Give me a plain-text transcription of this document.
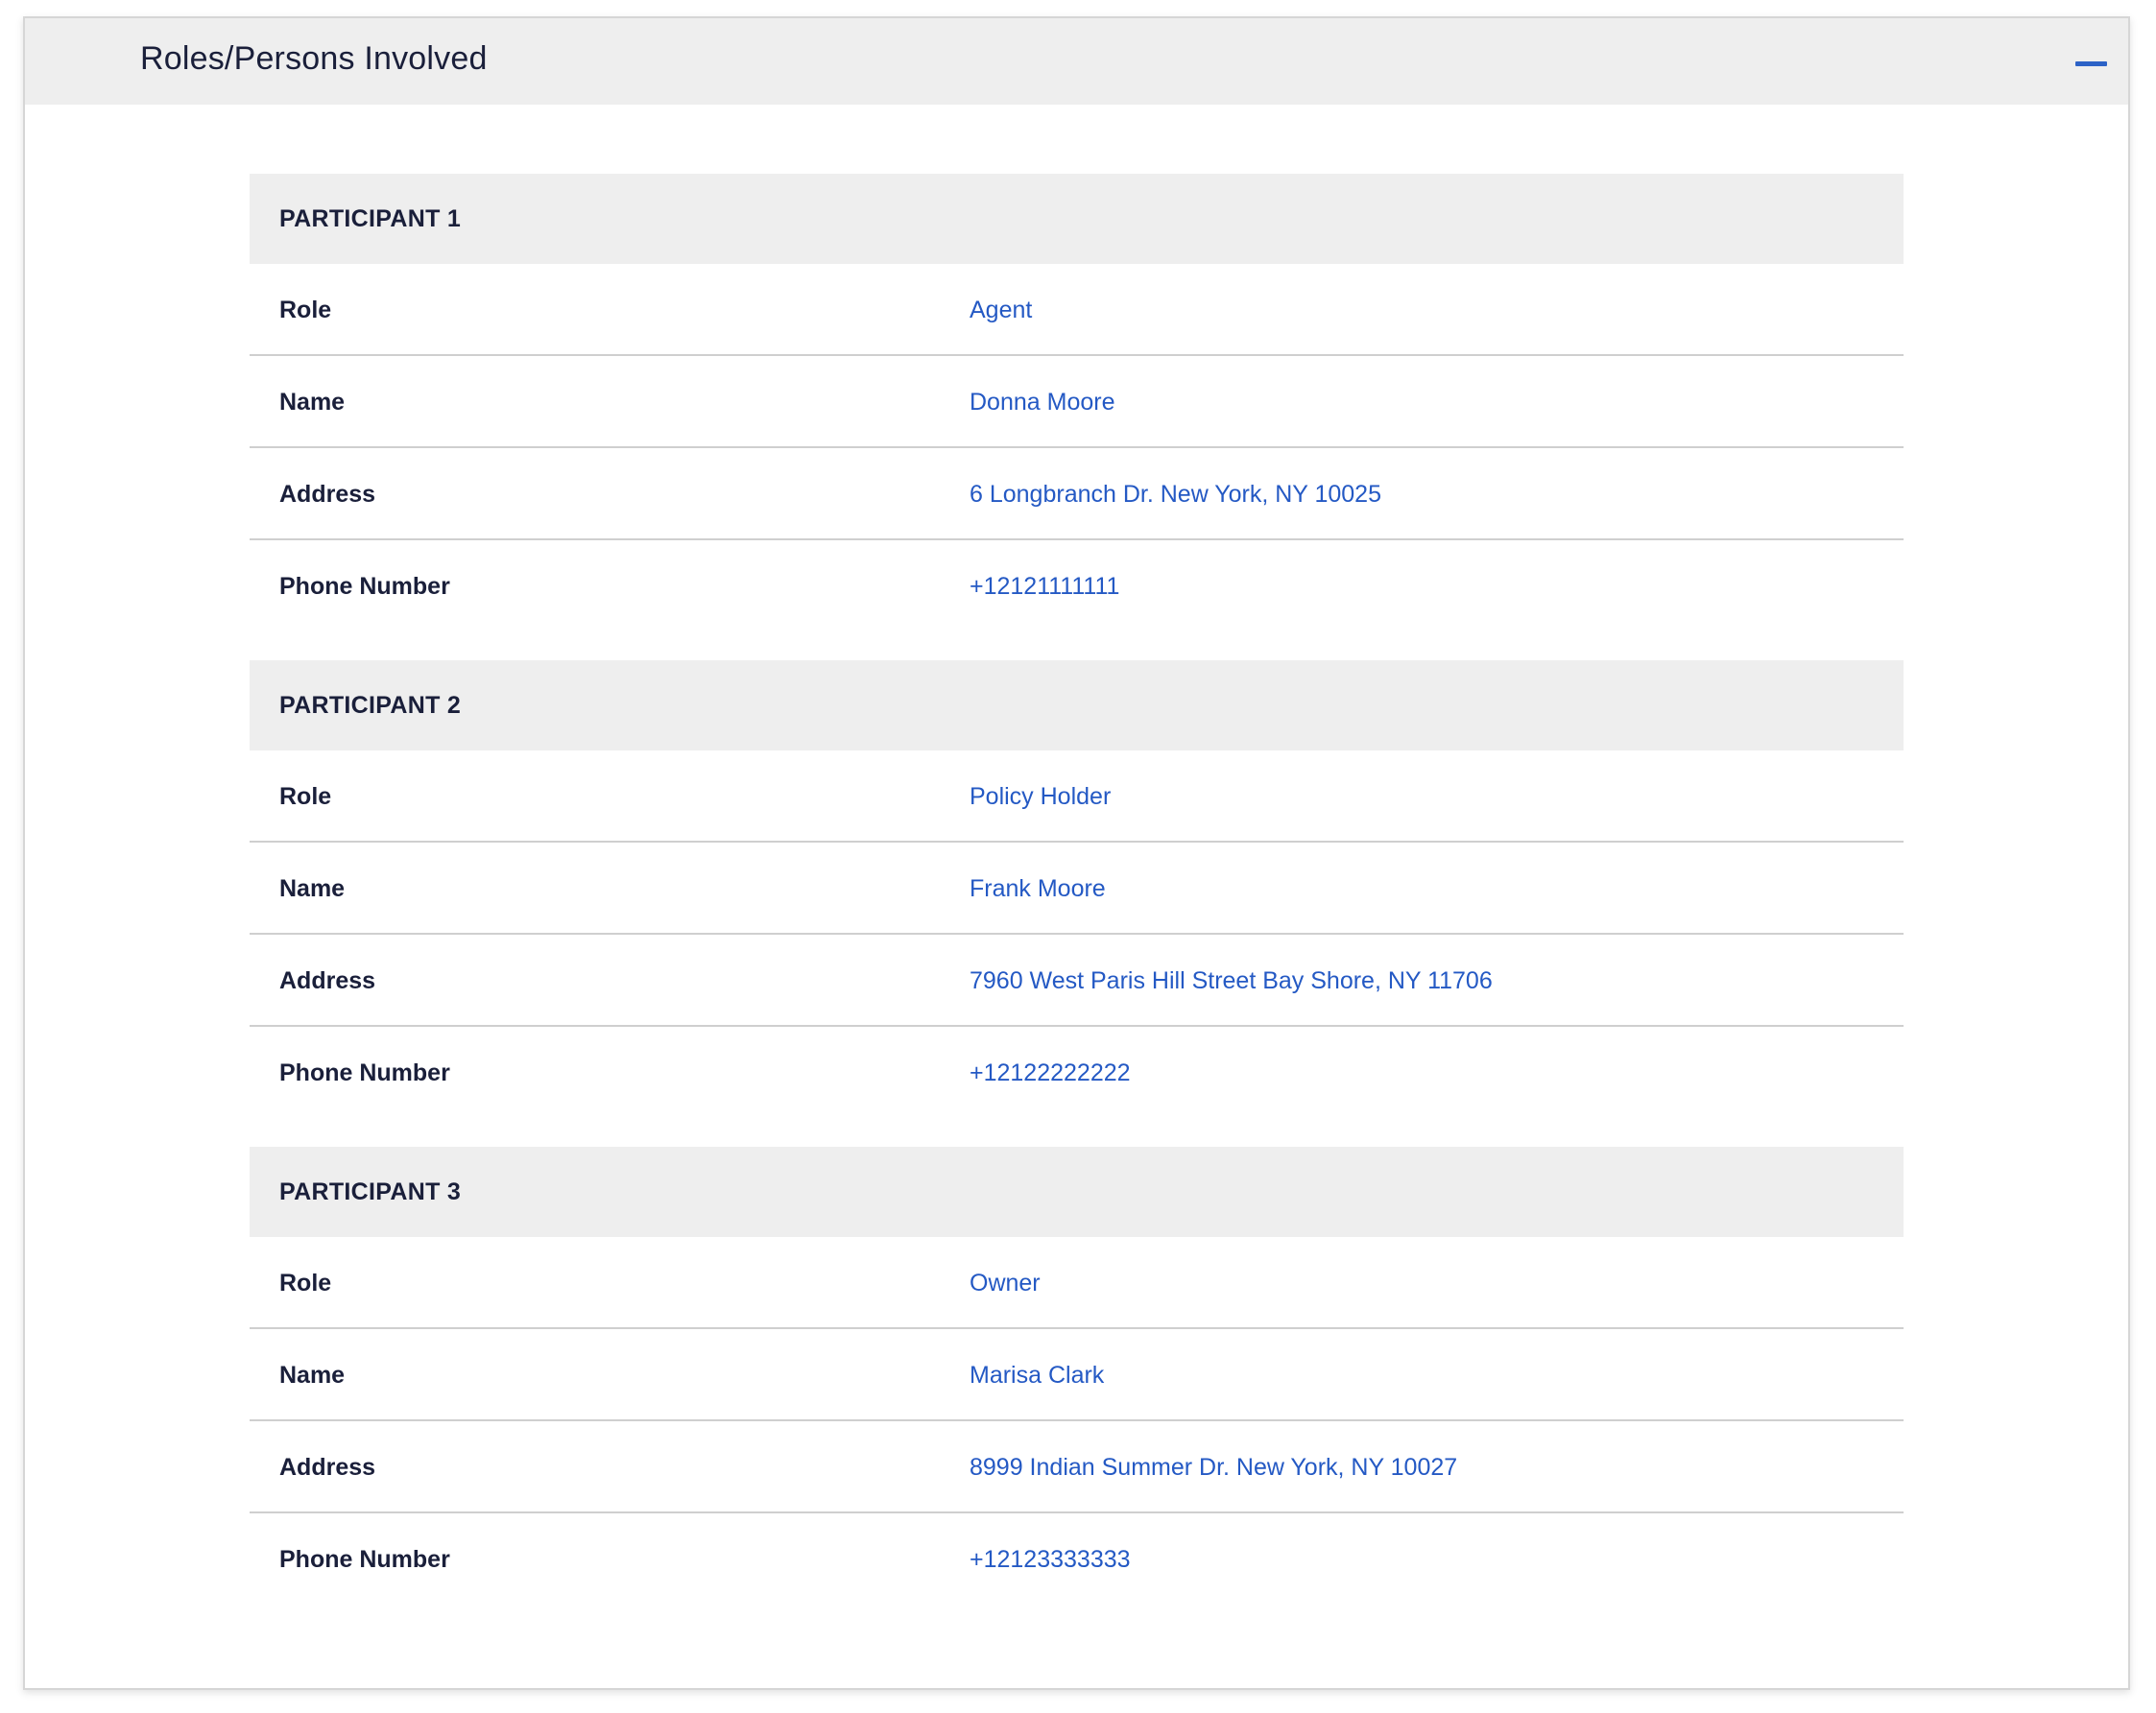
Roles/Persons Involved
PARTICIPANT 1
Role	Agent
Name	Donna Moore
Address	6 Longbranch Dr. New York, NY 10025
Phone Number	+12121111111
PARTICIPANT 2
Role	Policy Holder
Name	Frank Moore
Address	7960 West Paris Hill Street Bay Shore, NY 11706
Phone Number	+12122222222
PARTICIPANT 3
Role	Owner
Name	Marisa Clark
Address	8999 Indian Summer Dr. New York, NY 10027
Phone Number	+12123333333
